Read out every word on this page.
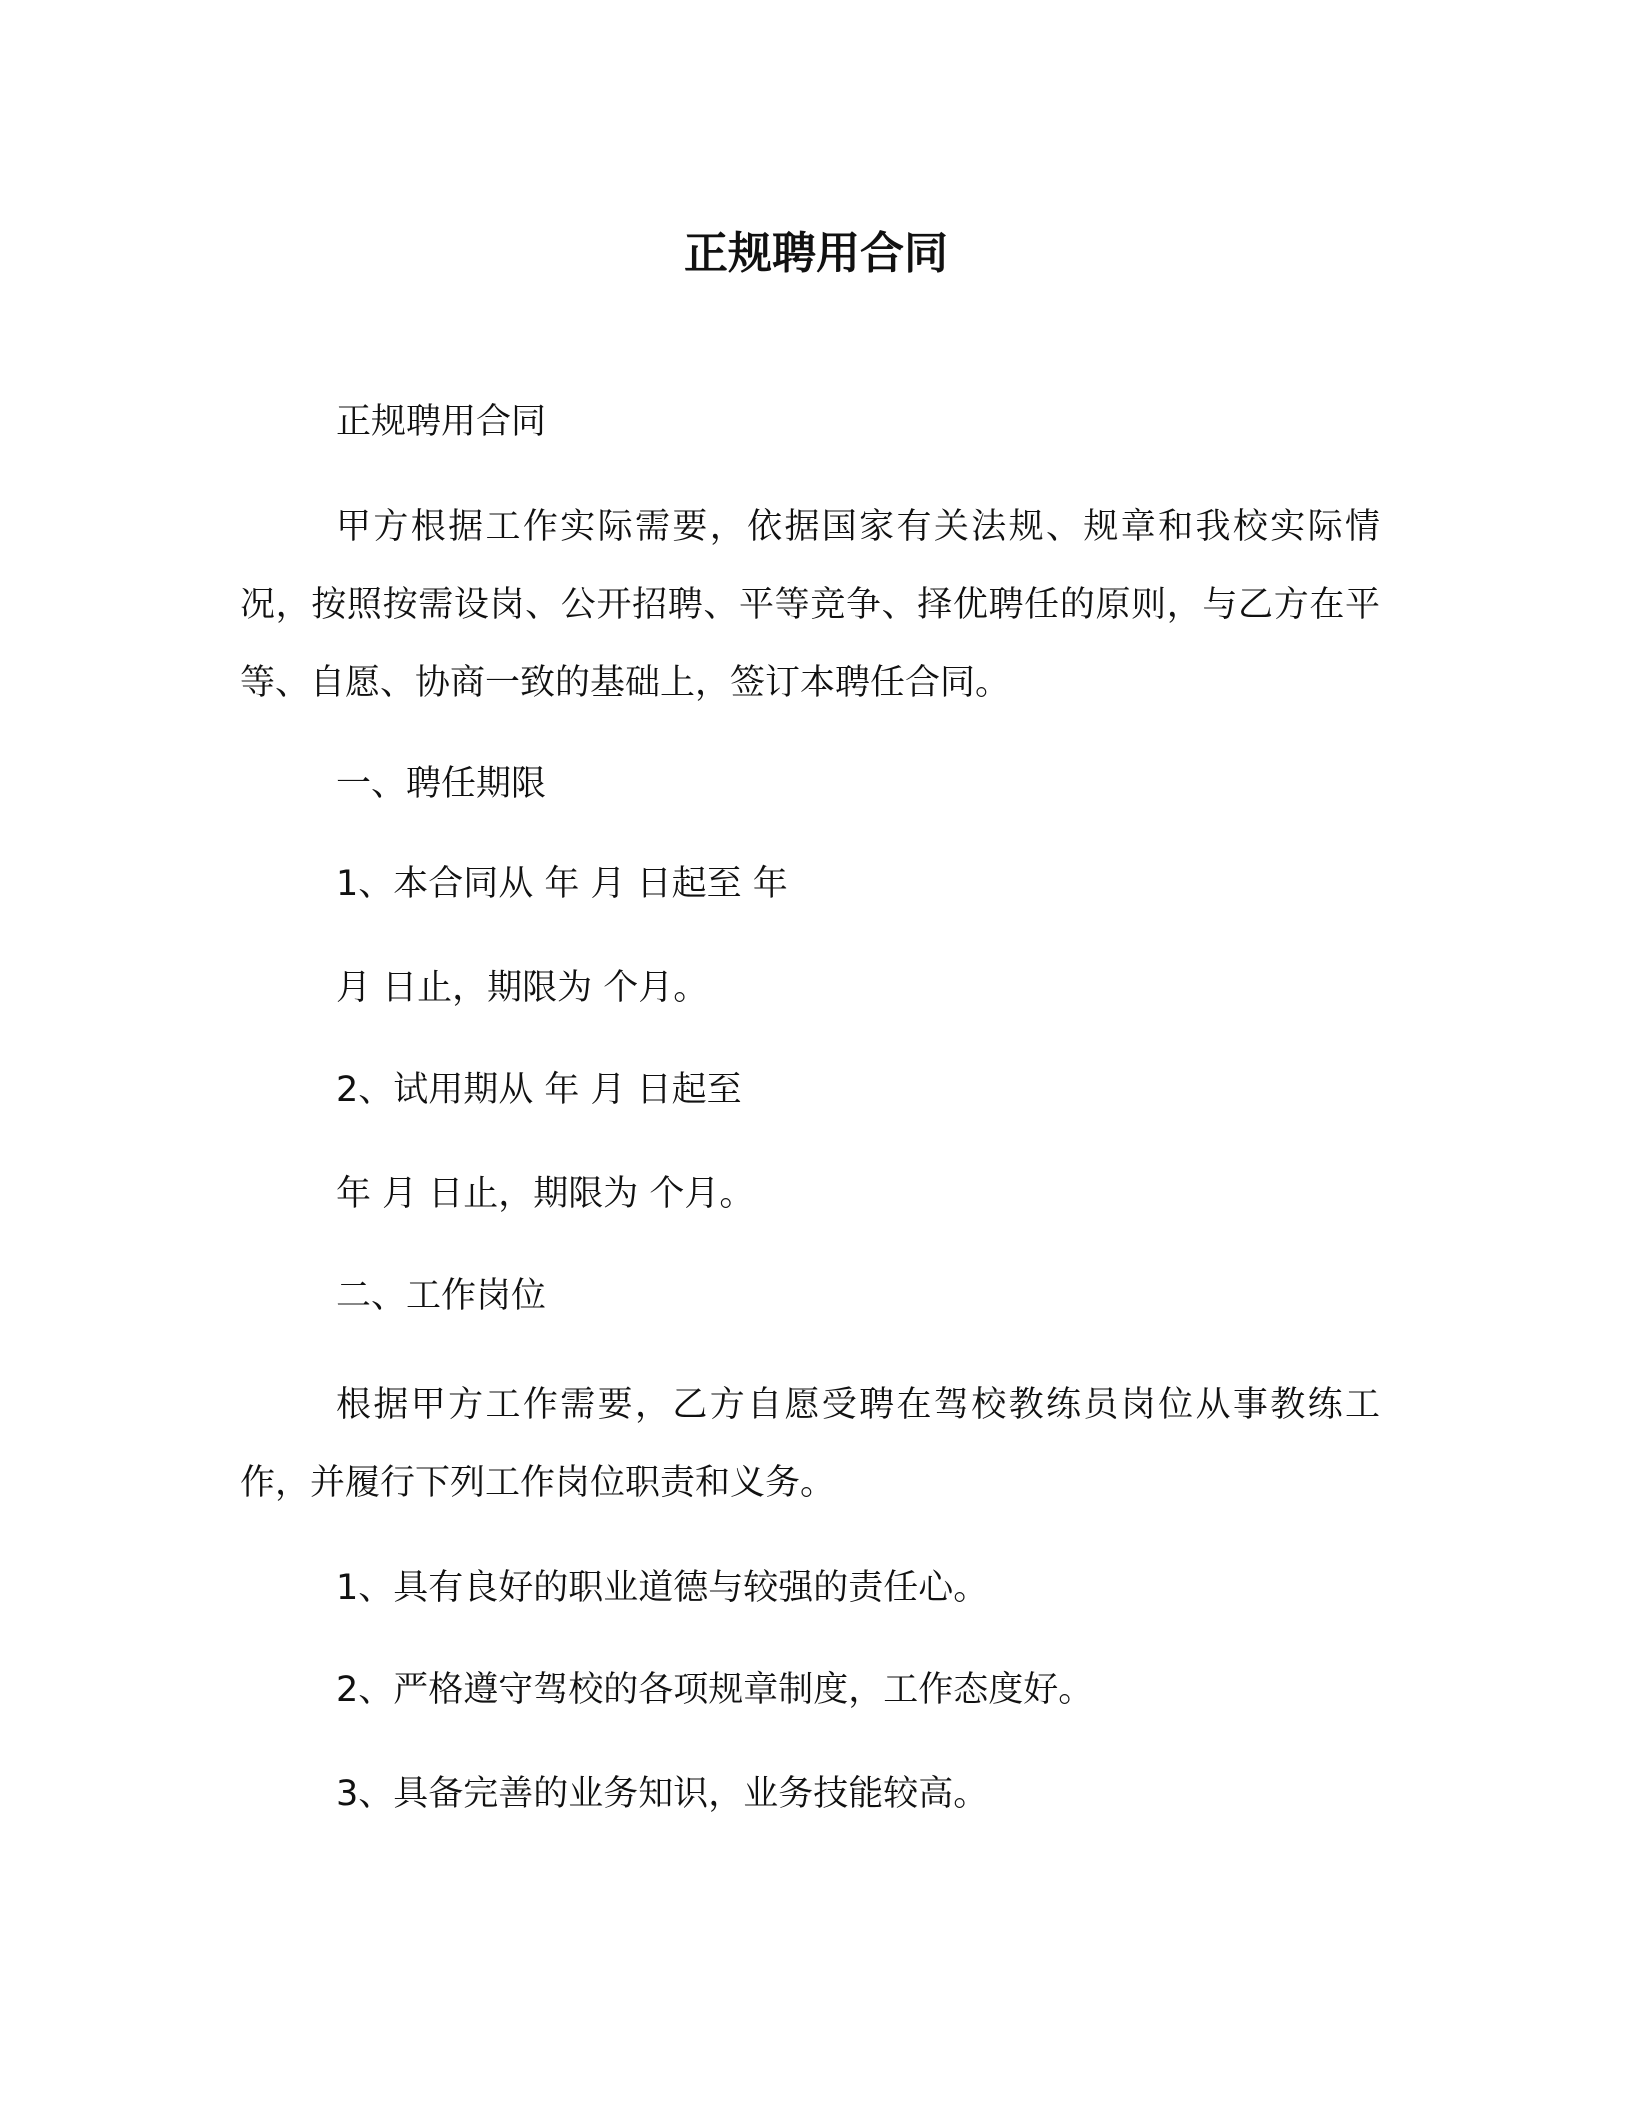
正规聘用合同
正规聘用合同
甲方根据工作实际需要，依据国家有关法规、规章和我校实际情况，按照按需设岗、公开招聘、平等竞争、择优聘任的原则，与乙方在平等、自愿、协商一致的基础上，签订本聘任合同。
一、聘任期限
1、本合同从 年 月 日起至 年
月 日止，期限为 个月。
2、试用期从 年 月 日起至
年 月 日止，期限为 个月。
二、工作岗位
根据甲方工作需要，乙方自愿受聘在驾校教练员岗位从事教练工作，并履行下列工作岗位职责和义务。
1、具有良好的职业道德与较强的责任心。
2、严格遵守驾校的各项规章制度，工作态度好。
3、具备完善的业务知识，业务技能较高。
